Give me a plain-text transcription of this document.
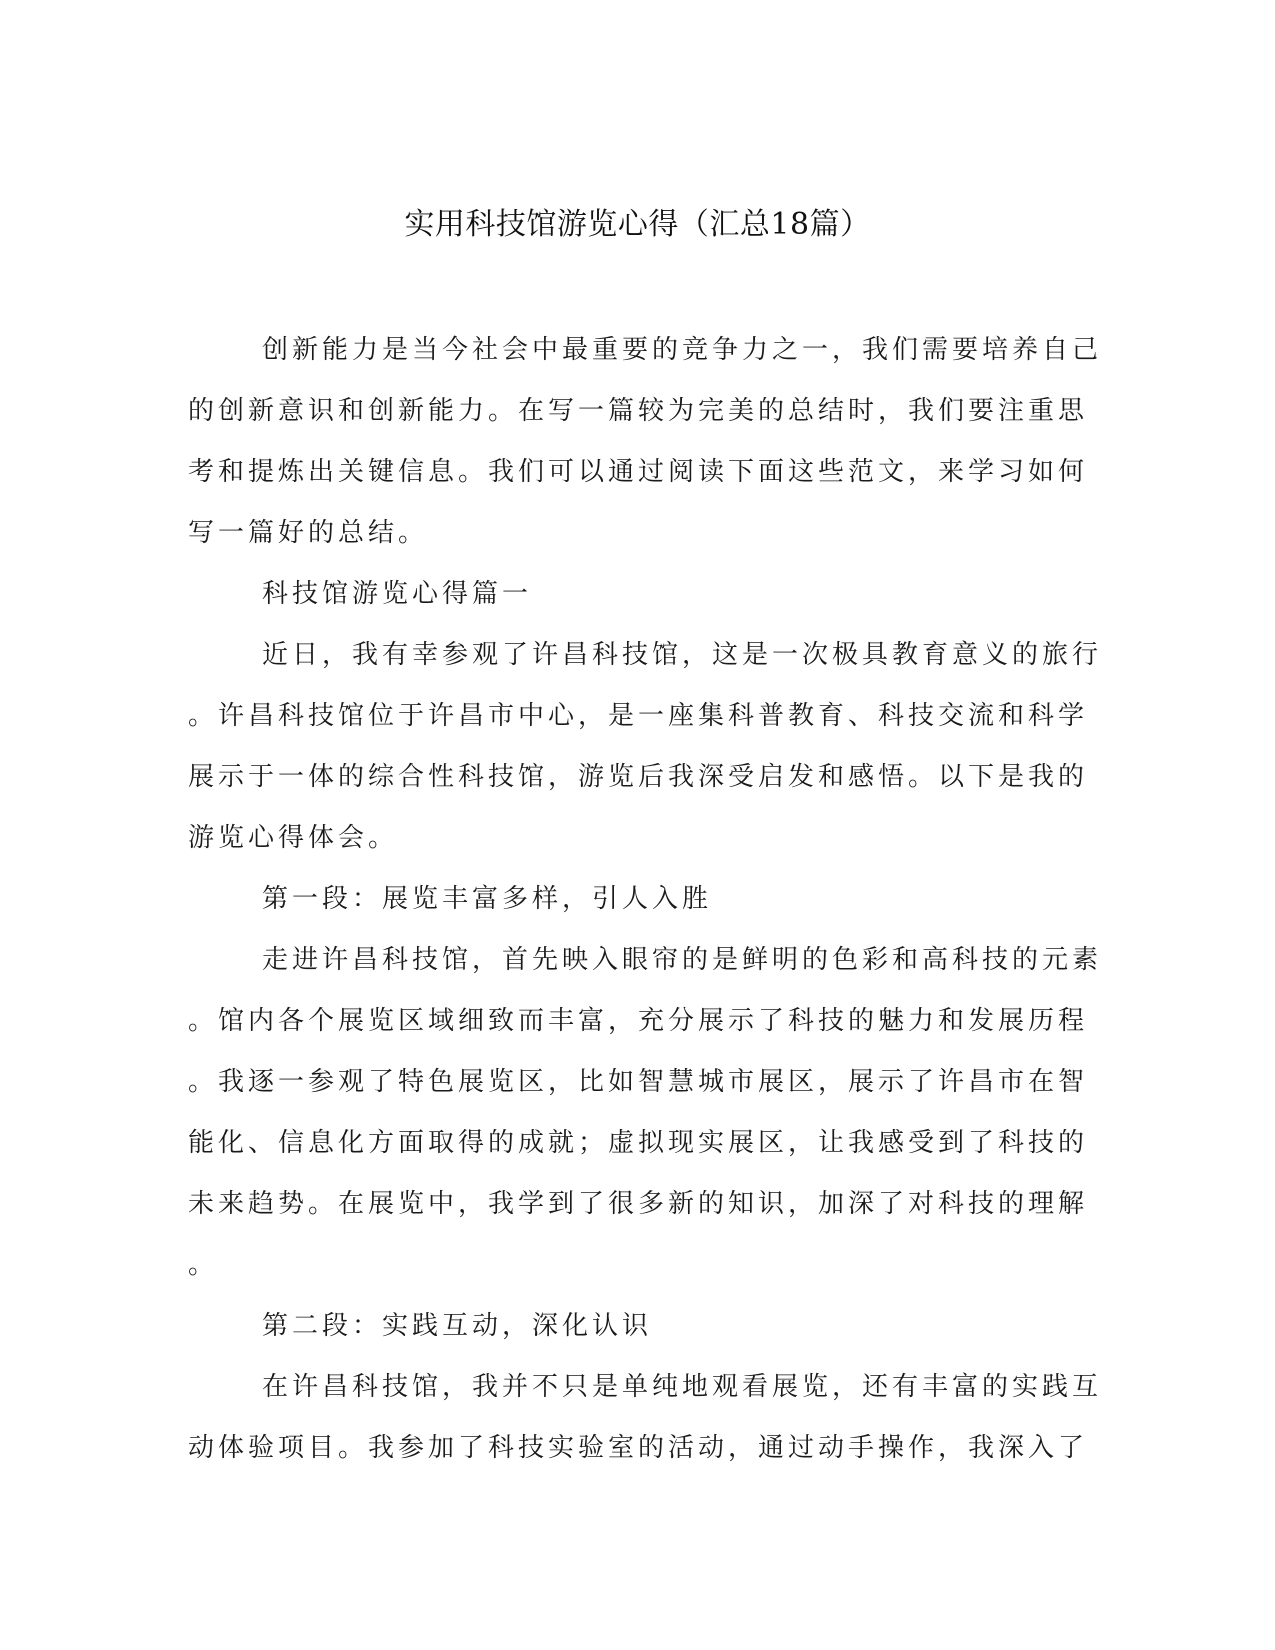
实用科技馆游览心得（汇总18篇）
创新能力是当今社会中最重要的竞争力之一，我们需要培养自己
的创新意识和创新能力。在写一篇较为完美的总结时，我们要注重思
考和提炼出关键信息。我们可以通过阅读下面这些范文，来学习如何
写一篇好的总结。
科技馆游览心得篇一
近日，我有幸参观了许昌科技馆，这是一次极具教育意义的旅行
。许昌科技馆位于许昌市中心，是一座集科普教育、科技交流和科学
展示于一体的综合性科技馆，游览后我深受启发和感悟。以下是我的
游览心得体会。
第一段：展览丰富多样，引人入胜
走进许昌科技馆，首先映入眼帘的是鲜明的色彩和高科技的元素
。馆内各个展览区域细致而丰富，充分展示了科技的魅力和发展历程
。我逐一参观了特色展览区，比如智慧城市展区，展示了许昌市在智
能化、信息化方面取得的成就；虚拟现实展区，让我感受到了科技的
未来趋势。在展览中，我学到了很多新的知识，加深了对科技的理解
。
第二段：实践互动，深化认识
在许昌科技馆，我并不只是单纯地观看展览，还有丰富的实践互
动体验项目。我参加了科技实验室的活动，通过动手操作，我深入了
